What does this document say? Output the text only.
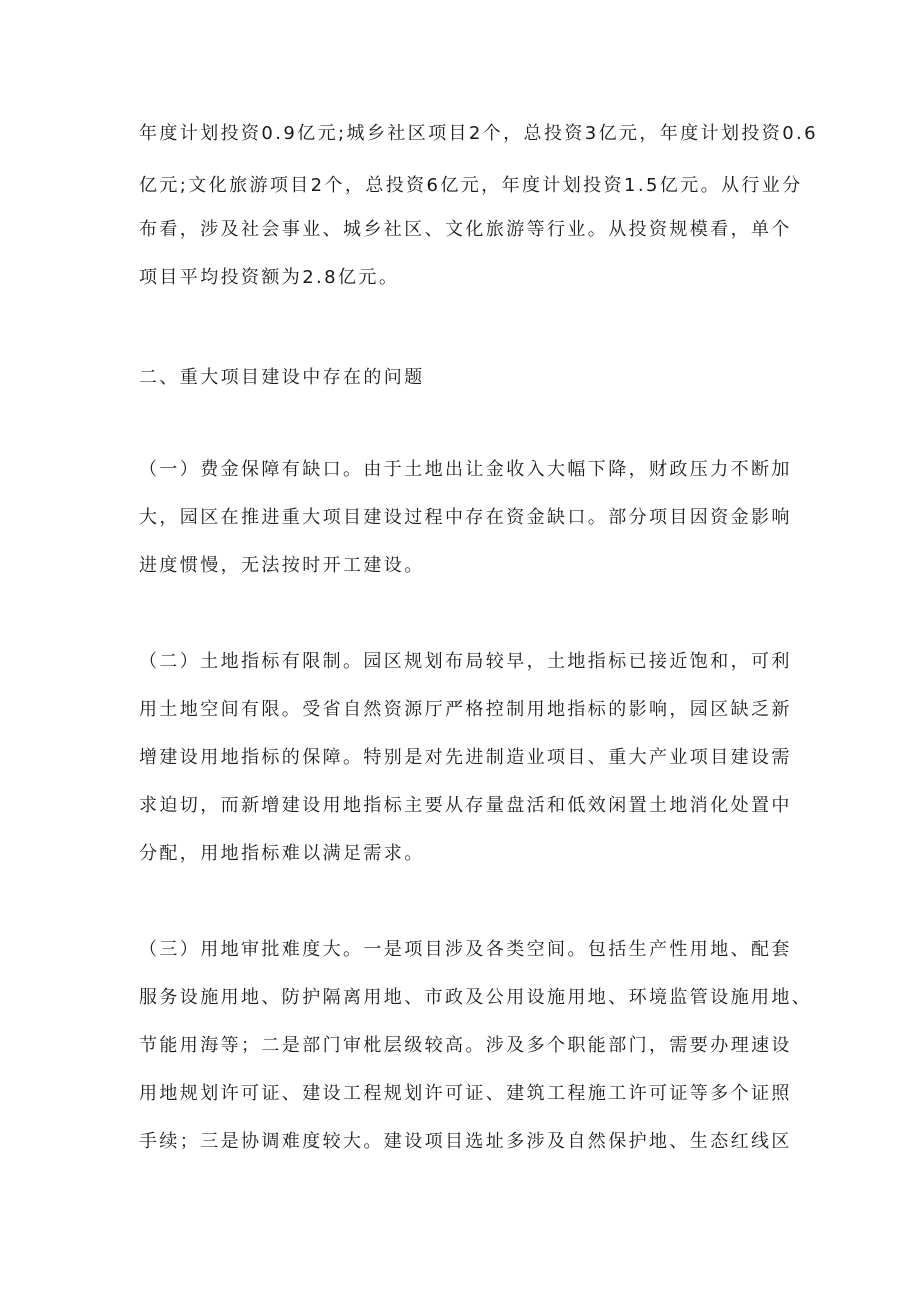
年度计划投资0.9亿元;城乡社区项目2个，总投资3亿元，年度计划投资0.6

亿元;文化旅游项目2个，总投资6亿元，年度计划投资1.5亿元。从行业分

布看，涉及社会事业、城乡社区、文化旅游等行业。从投资规模看，单个

项目平均投资额为2.8亿元。

二、重大项目建设中存在的问题

（一）费金保障有缺口。由于土地出让金收入大幅下降，财政压力不断加

大，园区在推进重大项目建设过程中存在资金缺口。部分项目因资金影响

进度惯慢，无法按时开工建设。

（二）土地指标有限制。园区规划布局较早，土地指标已接近饱和，可利

用土地空间有限。受省自然资源厅严格控制用地指标的影响，园区缺乏新

增建设用地指标的保障。特别是对先进制造业项目、重大产业项目建设需

求迫切，而新增建设用地指标主要从存量盘活和低效闲置土地消化处置中

分配，用地指标难以满足需求。

（三）用地审批难度大。一是项目涉及各类空间。包括生产性用地、配套

服务设施用地、防护隔离用地、市政及公用设施用地、环境监管设施用地、

节能用海等；二是部门审枇层级较高。涉及多个职能部门，需要办理速设

用地规划许可证、建设工程规划许可证、建筑工程施工许可证等多个证照

手续；三是协调难度较大。建设项目选址多涉及自然保护地、生态红线区
